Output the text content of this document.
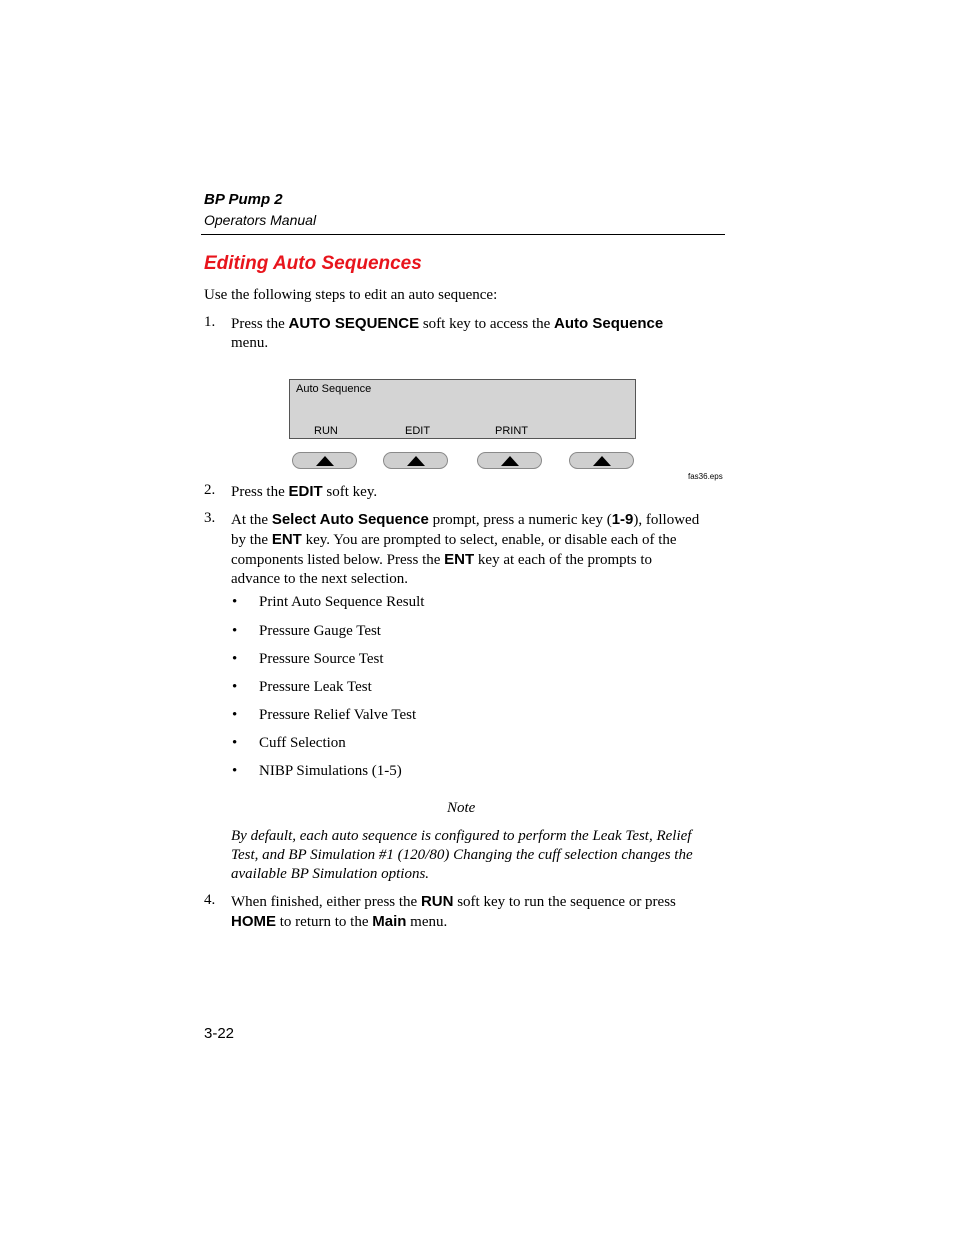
BP Pump 2
Operators Manual
Editing Auto Sequences
Use the following steps to edit an auto sequence:
1. Press the AUTO SEQUENCE soft key to access the Auto Sequence
menu.
Auto Sequence
RUN	EDIT	PRINT
fas36.eps
2. Press the EDIT soft key.
3. At the Select Auto Sequence prompt, press a numeric key (1-9), followed
by the ENT key. You are prompted to select, enable, or disable each of the
components listed below. Press the ENT key at each of the prompts to
advance to the next selection.
• Print Auto Sequence Result
• Pressure Gauge Test
• Pressure Source Test
• Pressure Leak Test
• Pressure Relief Valve Test
• Cuff Selection
• NIBP Simulations (1-5)
Note
By default, each auto sequence is configured to perform the Leak Test, Relief Test, and BP Simulation #1 (120/80) Changing the cuff selection changes the available BP Simulation options.
4. When finished, either press the RUN soft key to run the sequence or press
HOME to return to the Main menu.
3-22
